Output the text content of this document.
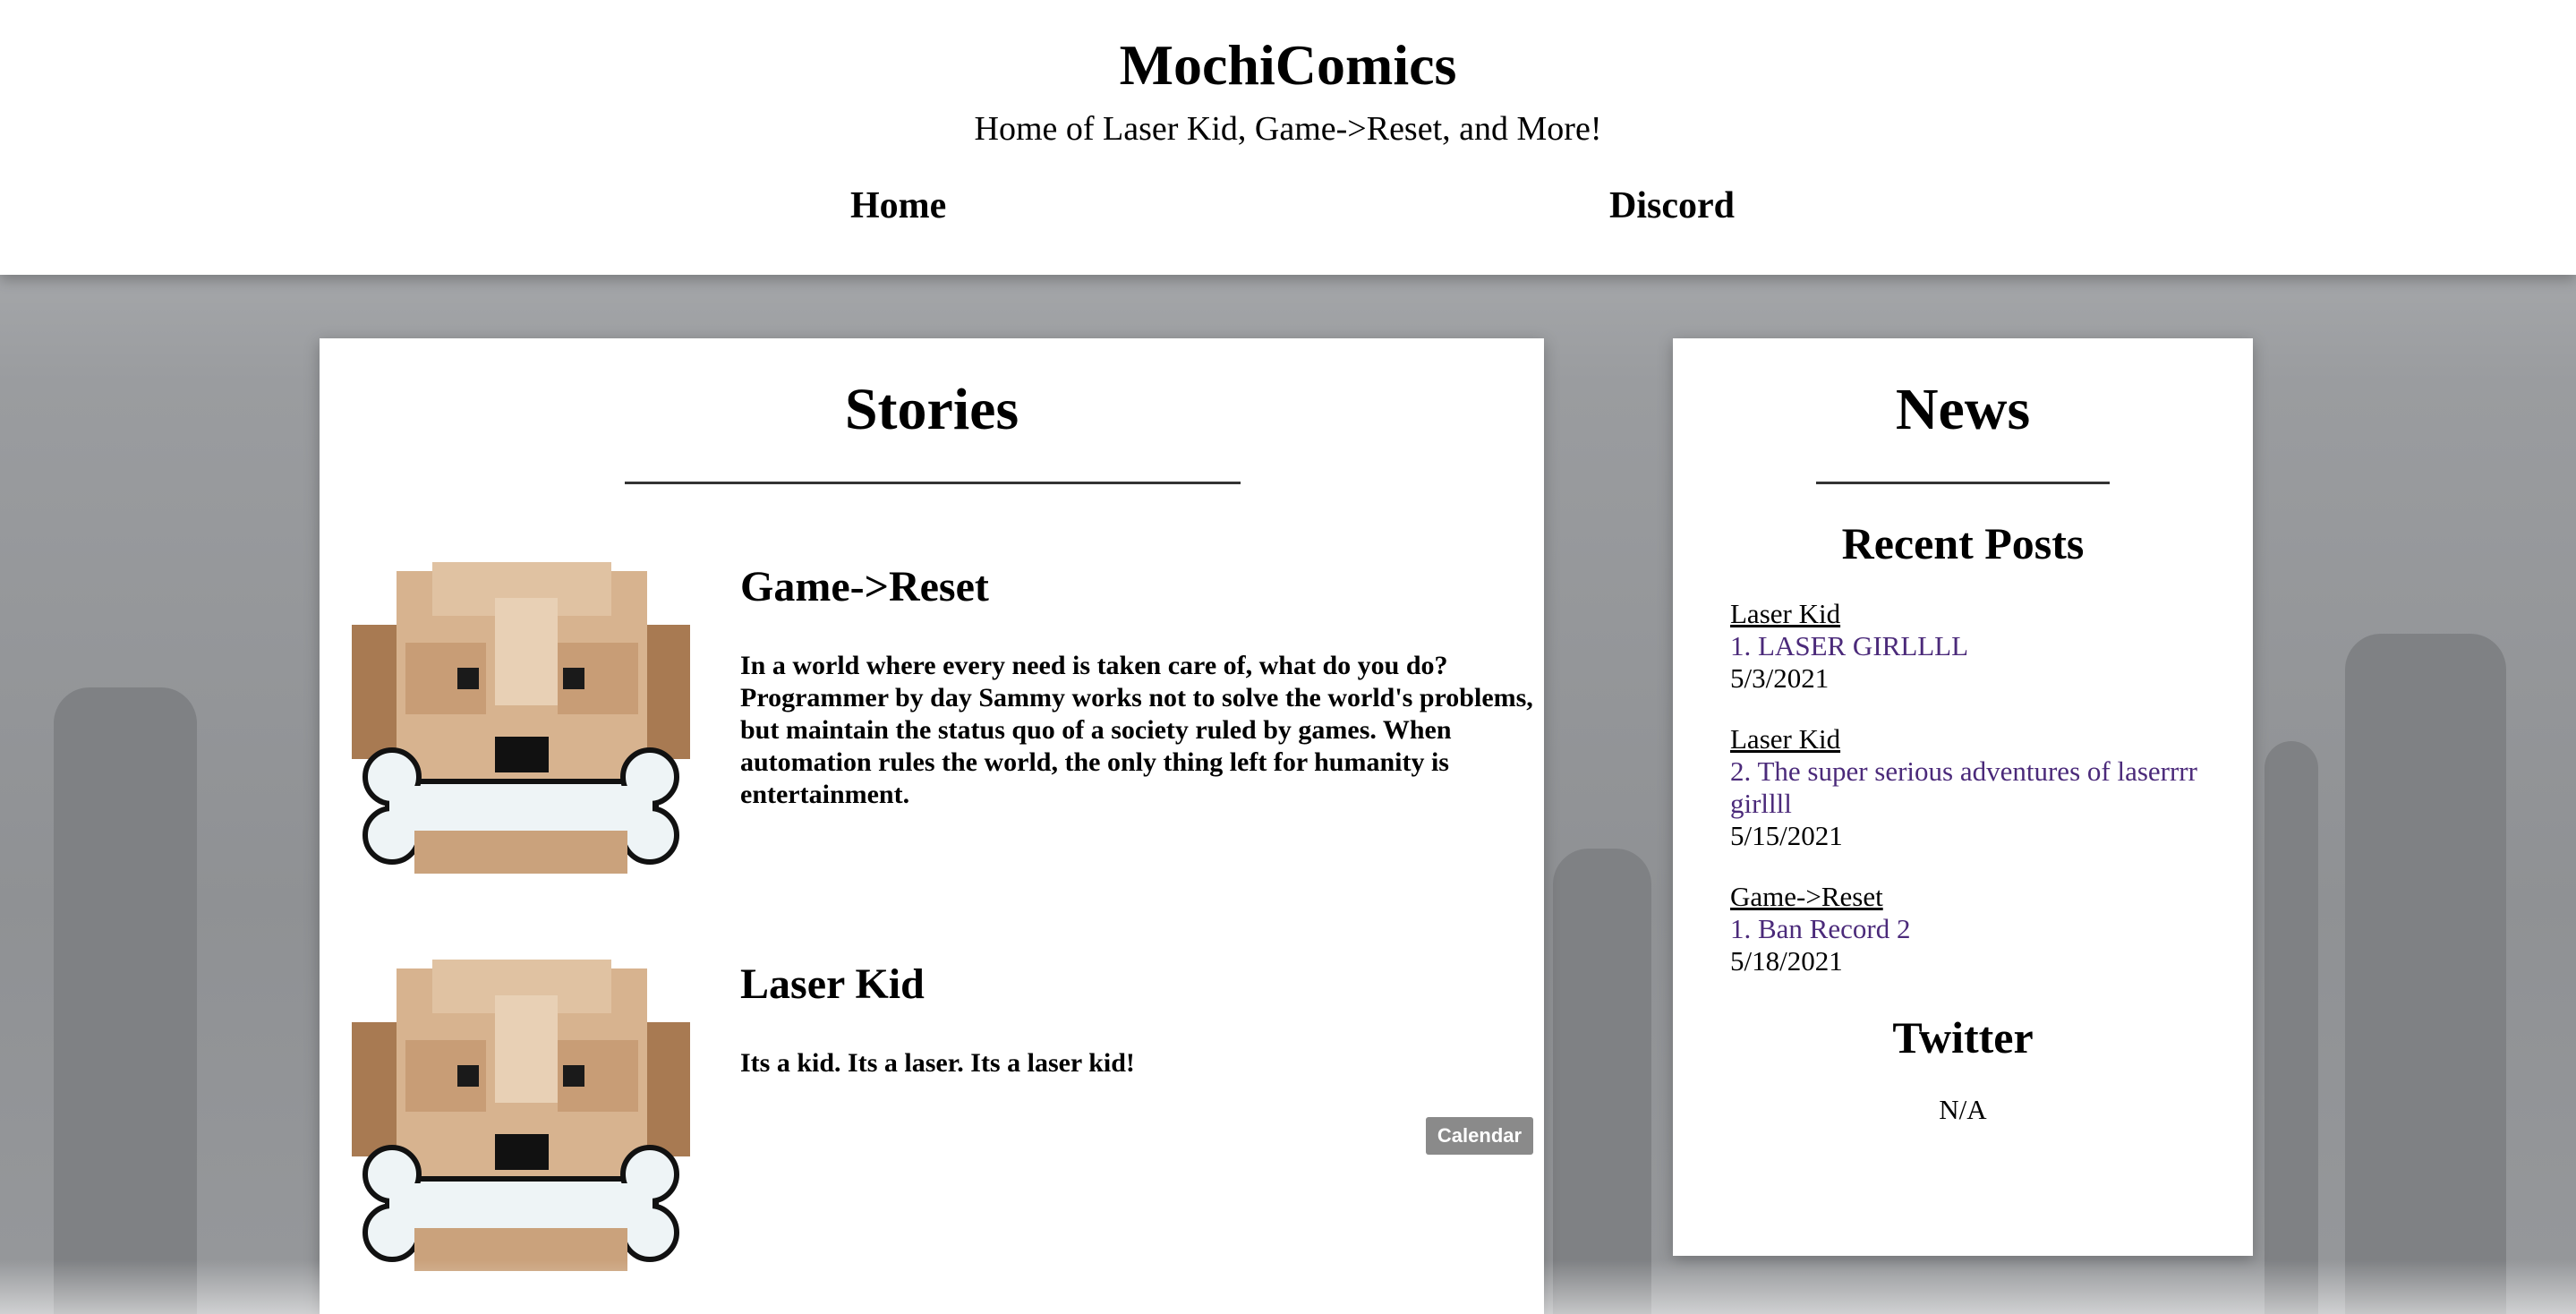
MochiComics

Home of Laser Kid, Game->Reset, and More!

Home	Discord
Stories
Game->Reset

In a world where every need is taken care of, what do you do? Programmer by day Sammy works not to solve the world's problems, but maintain the status quo of a society ruled by games. When automation rules the world, the only thing left for humanity is entertainment.

Laser Kid

Its a kid. Its a laser. Its a laser kid!

Calendar
News
Recent Posts
Laser Kid
1. LASER GIRLLLL
5/3/2021
Laser Kid
2. The super serious adventures of laserrrr girllll
5/15/2021
Game->Reset
1. Ban Record 2
5/18/2021
Twitter
N/A
